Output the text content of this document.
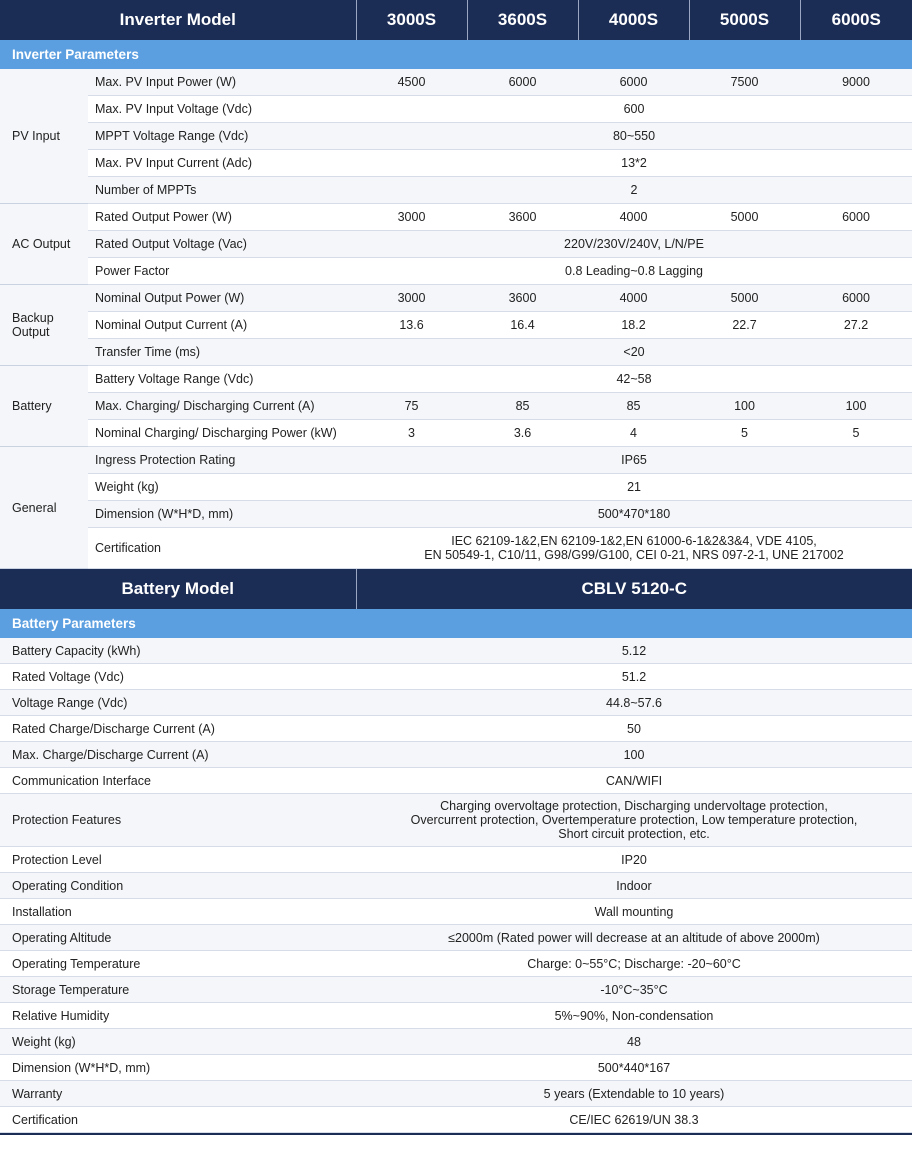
Inverter Model		3000S	3600S	4000S	5000S	6000S
Inverter Parameters						
PV Input	Max. PV Input Power (W)	4500	6000	6000	7500	9000
	Max. PV Input Voltage (Vdc)	600				
	MPPT Voltage Range (Vdc)	80~550				
	Max. PV Input Current (Adc)	13*2				
	Number of MPPTs	2				
AC Output	Rated Output Power (W)	3000	3600	4000	5000	6000
	Rated Output Voltage (Vac)	220V/230V/240V, L/N/PE				
	Power Factor	0.8 Leading~0.8 Lagging				
Backup Output	Nominal Output Power (W)	3000	3600	4000	5000	6000
	Nominal Output Current (A)	13.6	16.4	18.2	22.7	27.2
	Transfer Time (ms)	<20				
Battery	Battery Voltage Range (Vdc)	42~58				
	Max. Charging/ Discharging Current (A)	75	85	85	100	100
	Nominal Charging/ Discharging Power (kW)	3	3.6	4	5	5
General	Ingress Protection Rating	IP65				
	Weight (kg)	21				
	Dimension (W*H*D, mm)	500*470*180				
	Certification	IEC 62109-1&2,EN 62109-1&2,EN 61000-6-1&2&3&4, VDE 4105,
EN 50549-1, C10/11, G98/G99/G100, CEI 0-21, NRS 097-2-1, UNE 217002				
Battery Model	CBLV 5120-C
Battery Parameters	
Battery Capacity (kWh)	5.12
Rated Voltage (Vdc)	51.2
Voltage Range (Vdc)	44.8~57.6
Rated Charge/Discharge Current (A)	50
Max. Charge/Discharge Current (A)	100
Communication Interface	CAN/WIFI
Protection Features	Charging overvoltage protection, Discharging undervoltage protection,
Overcurrent protection, Overtemperature protection, Low temperature protection,
Short circuit protection, etc.

Protection Level	IP20
Operating Condition	Indoor
Installation	Wall mounting
Operating Altitude	≤2000m (Rated power will decrease at an altitude of above 2000m)
Operating Temperature	Charge: 0~55°C; Discharge: -20~60°C
Storage Temperature	-10°C~35°C
Relative Humidity	5%~90%, Non-condensation
Weight (kg)	48
Dimension (W*H*D, mm)	500*440*167
Warranty	5 years (Extendable to 10 years)
Certification	CE/IEC 62619/UN 38.3
